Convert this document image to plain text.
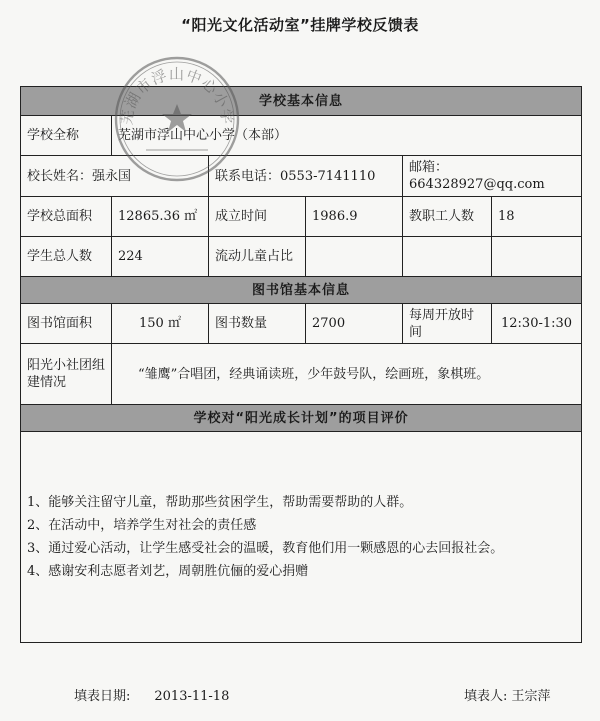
“阳光文化活动室”挂牌学校反馈表
学校基本信息					
学校全称	芜湖市浮山中心小学（本部）				
校长姓名：强永国		联系电话：0553-7141110		邮箱：664328927@qq.com	
学校总面积	12865.36 ㎡	成立时间	1986.9	教职工人数	18
学生总人数	224	流动儿童占比			
图书馆基本信息					
图书馆面积	150 ㎡	图书数量	2700	每周开放时间	12:30-1:30
阳光小社团组建情况	“雏鹰”合唱团，经典诵读班，少年鼓号队，绘画班，象棋班。				
学校对“阳光成长计划”的项目评价					

1、能够关注留守儿童，帮助那些贫困学生，帮助需要帮助的人群。
2、在活动中，培养学生对社会的责任感
3、通过爱心活动，让学生感受社会的温暖，教育他们用一颗感恩的心去回报社会。
4、感谢安利志愿者刘艺，周朝胜伉俪的爱心捐赠					
芜湖市浮山中心小学
填表日期: 2013-11-18	填表人: 王宗萍
